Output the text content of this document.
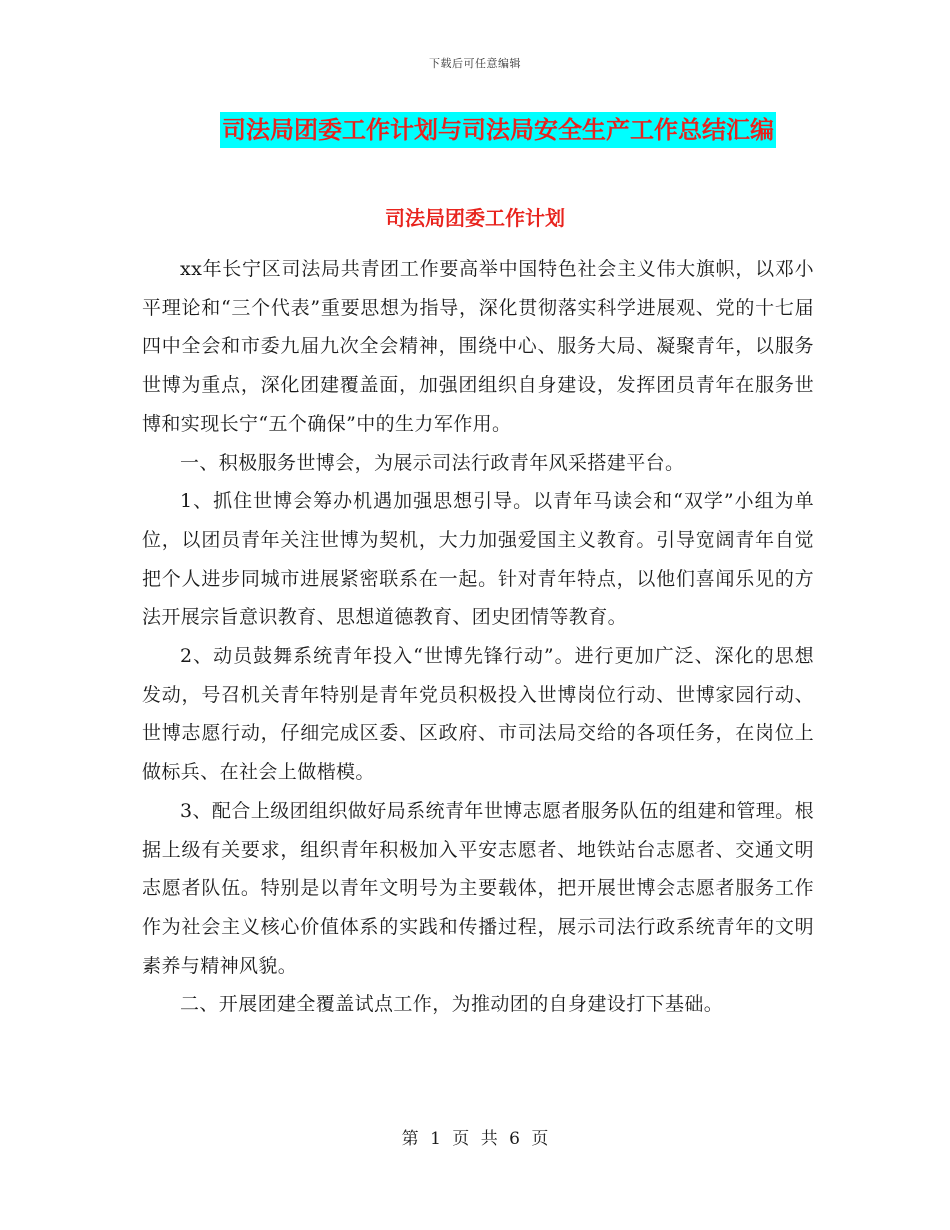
下载后可任意编辑
司法局团委工作计划与司法局安全生产工作总结汇编
司法局团委工作计划

xx年长宁区司法局共青团工作要高举中国特色社会主义伟大旗帜，以邓小平理论和“三个代表”重要思想为指导，深化贯彻落实科学进展观、党的十七届四中全会和市委九届九次全会精神，围绕中心、服务大局、凝聚青年，以服务世博为重点，深化团建覆盖面，加强团组织自身建设，发挥团员青年在服务世博和实现长宁“五个确保”中的生力军作用。

一、积极服务世博会，为展示司法行政青年风采搭建平台。

1、抓住世博会筹办机遇加强思想引导。以青年马读会和“双学”小组为单位，以团员青年关注世博为契机，大力加强爱国主义教育。引导宽阔青年自觉把个人进步同城市进展紧密联系在一起。针对青年特点，以他们喜闻乐见的方法开展宗旨意识教育、思想道德教育、团史团情等教育。

2、动员鼓舞系统青年投入“世博先锋行动”。进行更加广泛、深化的思想发动，号召机关青年特别是青年党员积极投入世博岗位行动、世博家园行动、世博志愿行动，仔细完成区委、区政府、市司法局交给的各项任务，在岗位上做标兵、在社会上做楷模。

3、配合上级团组织做好局系统青年世博志愿者服务队伍的组建和管理。根据上级有关要求，组织青年积极加入平安志愿者、地铁站台志愿者、交通文明志愿者队伍。特别是以青年文明号为主要载体，把开展世博会志愿者服务工作作为社会主义核心价值体系的实践和传播过程，展示司法行政系统青年的文明素养与精神风貌。

二、开展团建全覆盖试点工作，为推动团的自身建设打下基础。

第 1 页 共 6 页
